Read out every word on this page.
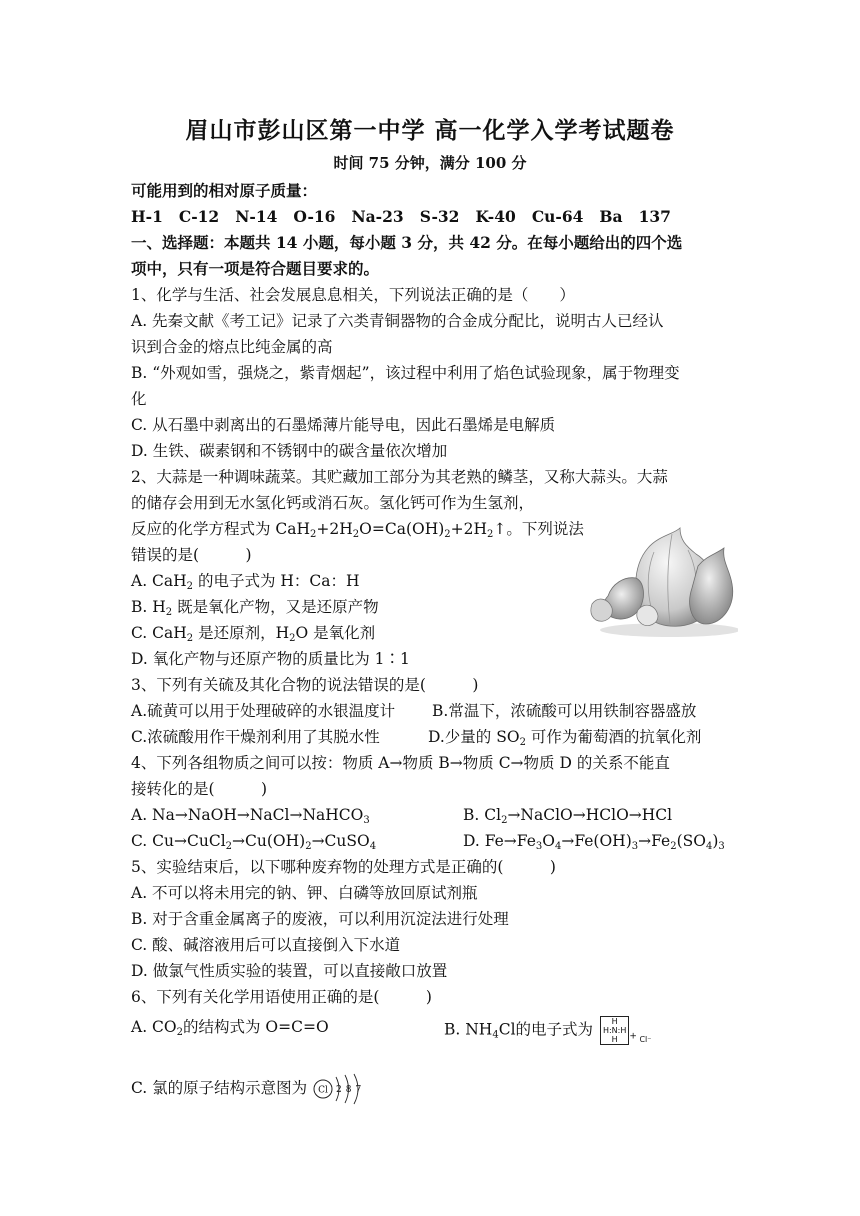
眉山市彭山区第一中学 高一化学入学考试题卷
时间 75 分钟，满分 100 分
可能用到的相对原子质量：
H-1 C-12 N-14 O-16 Na-23 S-32 K-40 Cu-64 Ba 137
一、选择题：本题共 14 小题，每小题 3 分，共 42 分。在每小题给出的四个选
项中，只有一项是符合题目要求的。
1、化学与生活、社会发展息息相关，下列说法正确的是（　　）
A. 先秦文献《考工记》记录了六类青铜器物的合金成分配比，说明古人已经认
识到合金的熔点比纯金属的高
B. “外观如雪，强烧之，紫青烟起”，该过程中利用了焰色试验现象，属于物理变
化
C. 从石墨中剥离出的石墨烯薄片能导电，因此石墨烯是电解质
D. 生铁、碳素钢和不锈钢中的碳含量依次增加
2、大蒜是一种调味蔬菜。其贮藏加工部分为其老熟的鳞茎，又称大蒜头。大蒜
的储存会用到无水氢化钙或消石灰。氢化钙可作为生氢剂，
反应的化学方程式为 $CaH_2+2H_2O=Ca(OH)_2+2H_2↑$。下列说法
错误的是(　　　)
A. CaH$_2$ 的电子式为 H：Ca：H
B. $H_2$ 既是氧化产物，又是还原产物
C. CaH$_2$ 是还原剂，$H_2O$ 是氧化剂
D. 氧化产物与还原产物的质量比为 1∶1
3、下列有关硫及其化合物的说法错误的是(　　　)
A.硫黄可以用于处理破碎的水银温度计 B.常温下，浓硫酸可以用铁制容器盛放
C.浓硫酸用作干燥剂利用了其脱水性	D.少量的 $SO_2$ 可作为葡萄酒的抗氧化剂
4、下列各组物质之间可以按：物质 A→物质 B→物质 C→物质 D 的关系不能直
接转化的是(　　　)
A. Na→NaOH→NaCl→NaHCO$_3$	B. $Cl_2\to NaClO\to HClO\to HCl$
C. $Cu\to CuCl_2\to Cu(OH)_2\to CuSO_4$	D. $Fe\to Fe_3O_4\to Fe(OH)_3\to Fe_2(SO_4)_3$
5、实验结束后，以下哪种废弃物的处理方式是正确的(　　　)
A. 不可以将未用完的钠、钾、白磷等放回原试剂瓶
B. 对于含重金属离子的废液，可以利用沉淀法进行处理
C. 酸、碱溶液用后可以直接倒入下水道
D. 做氯气性质实验的装置，可以直接敞口放置
6、下列有关化学用语使用正确的是(　　　)
A. $CO_2$的结构式为 O=C=O	B. $NH_4Cl$的电子式为 H
H:N:H
H + Cl⁻
C. 氯的原子结构示意图为 Cl 287
